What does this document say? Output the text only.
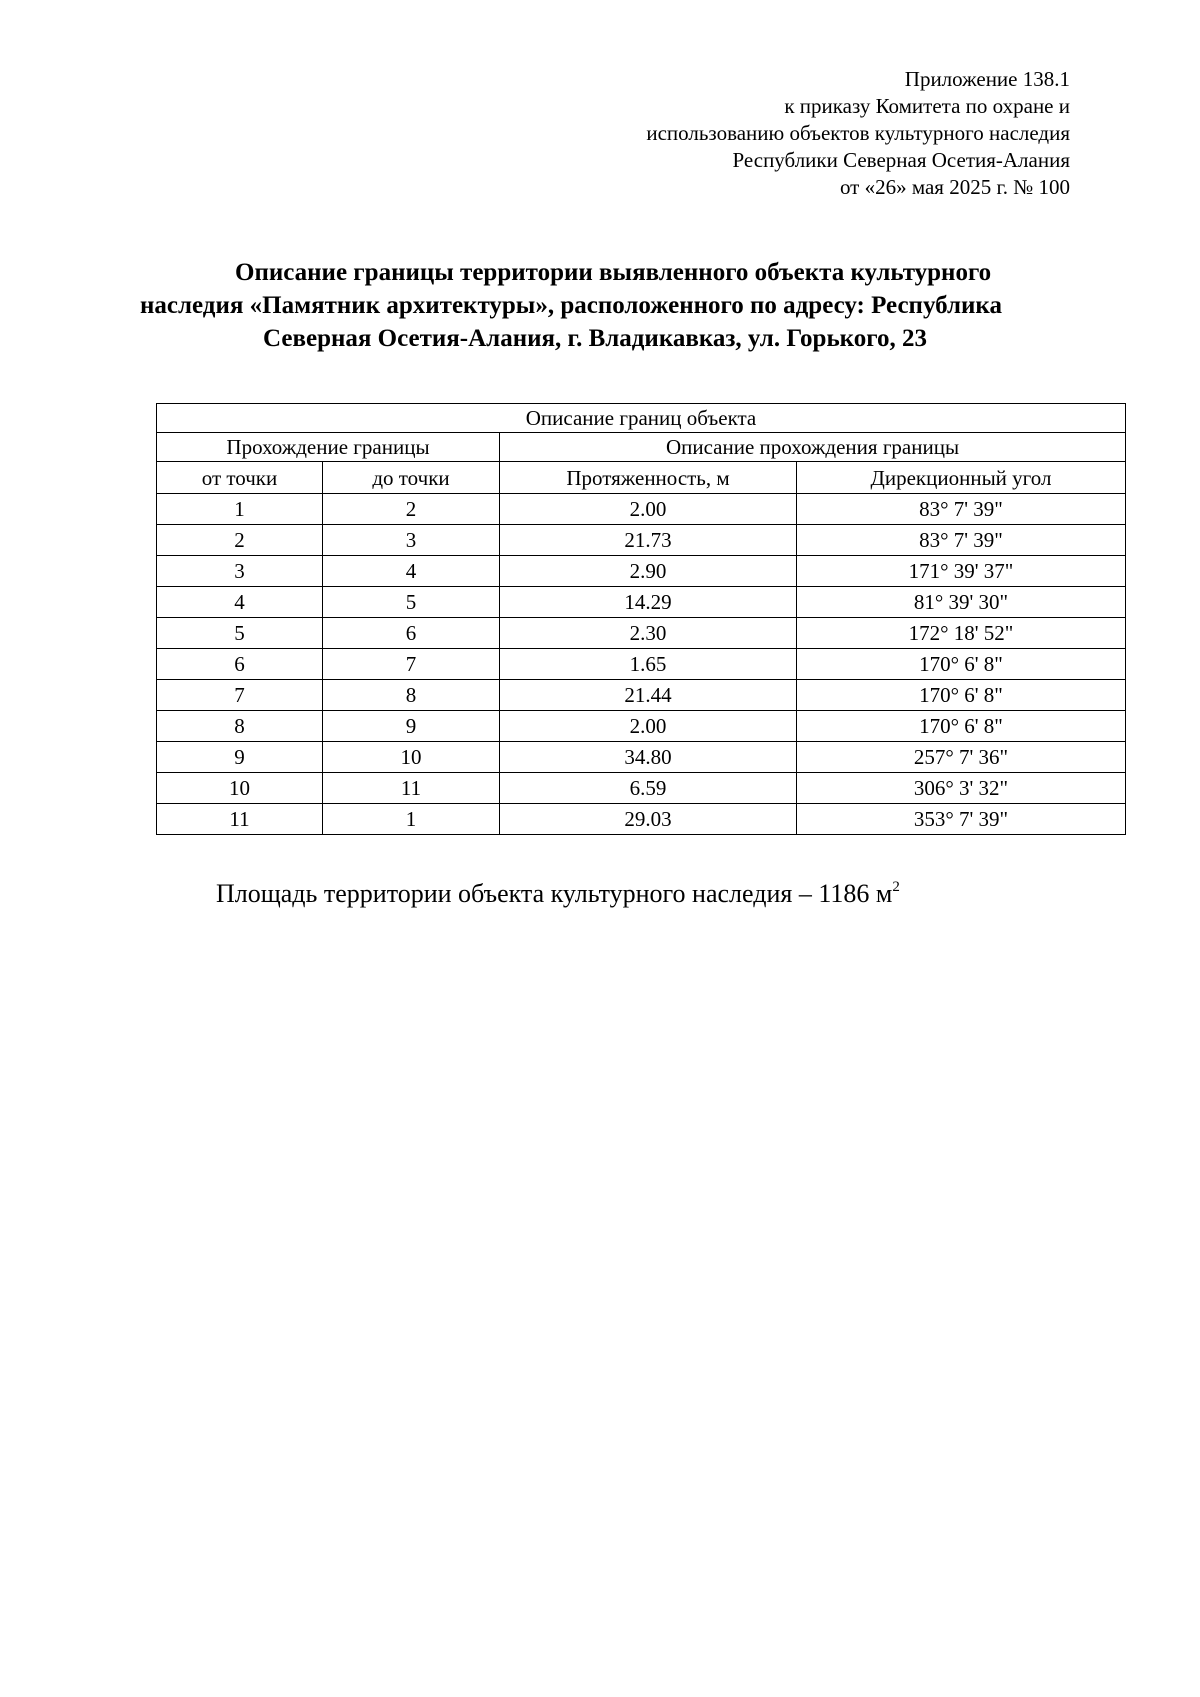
Приложение 138.1
к приказу Комитета по охране и
использованию объектов культурного наследия
Республики Северная Осетия-Алания
от «26» мая 2025 г. № 100
Описание границы территории выявленного объекта культурного
наследия «Памятник архитектуры», расположенного по адресу: Республика
Северная Осетия-Алания, г. Владикавказ, ул. Горького, 23
Описание границ объекта			
Прохождение границы		Описание прохождения границы	
от точки	до точки	Протяженность, м	Дирекционный угол
1	2	2.00	83° 7' 39"
2	3	21.73	83° 7' 39"
3	4	2.90	171° 39' 37"
4	5	14.29	81° 39' 30"
5	6	2.30	172° 18' 52"
6	7	1.65	170° 6' 8"
7	8	21.44	170° 6' 8"
8	9	2.00	170° 6' 8"
9	10	34.80	257° 7' 36"
10	11	6.59	306° 3' 32"
11	1	29.03	353° 7' 39"
Площадь территории объекта культурного наследия – 1186 $м^2$
